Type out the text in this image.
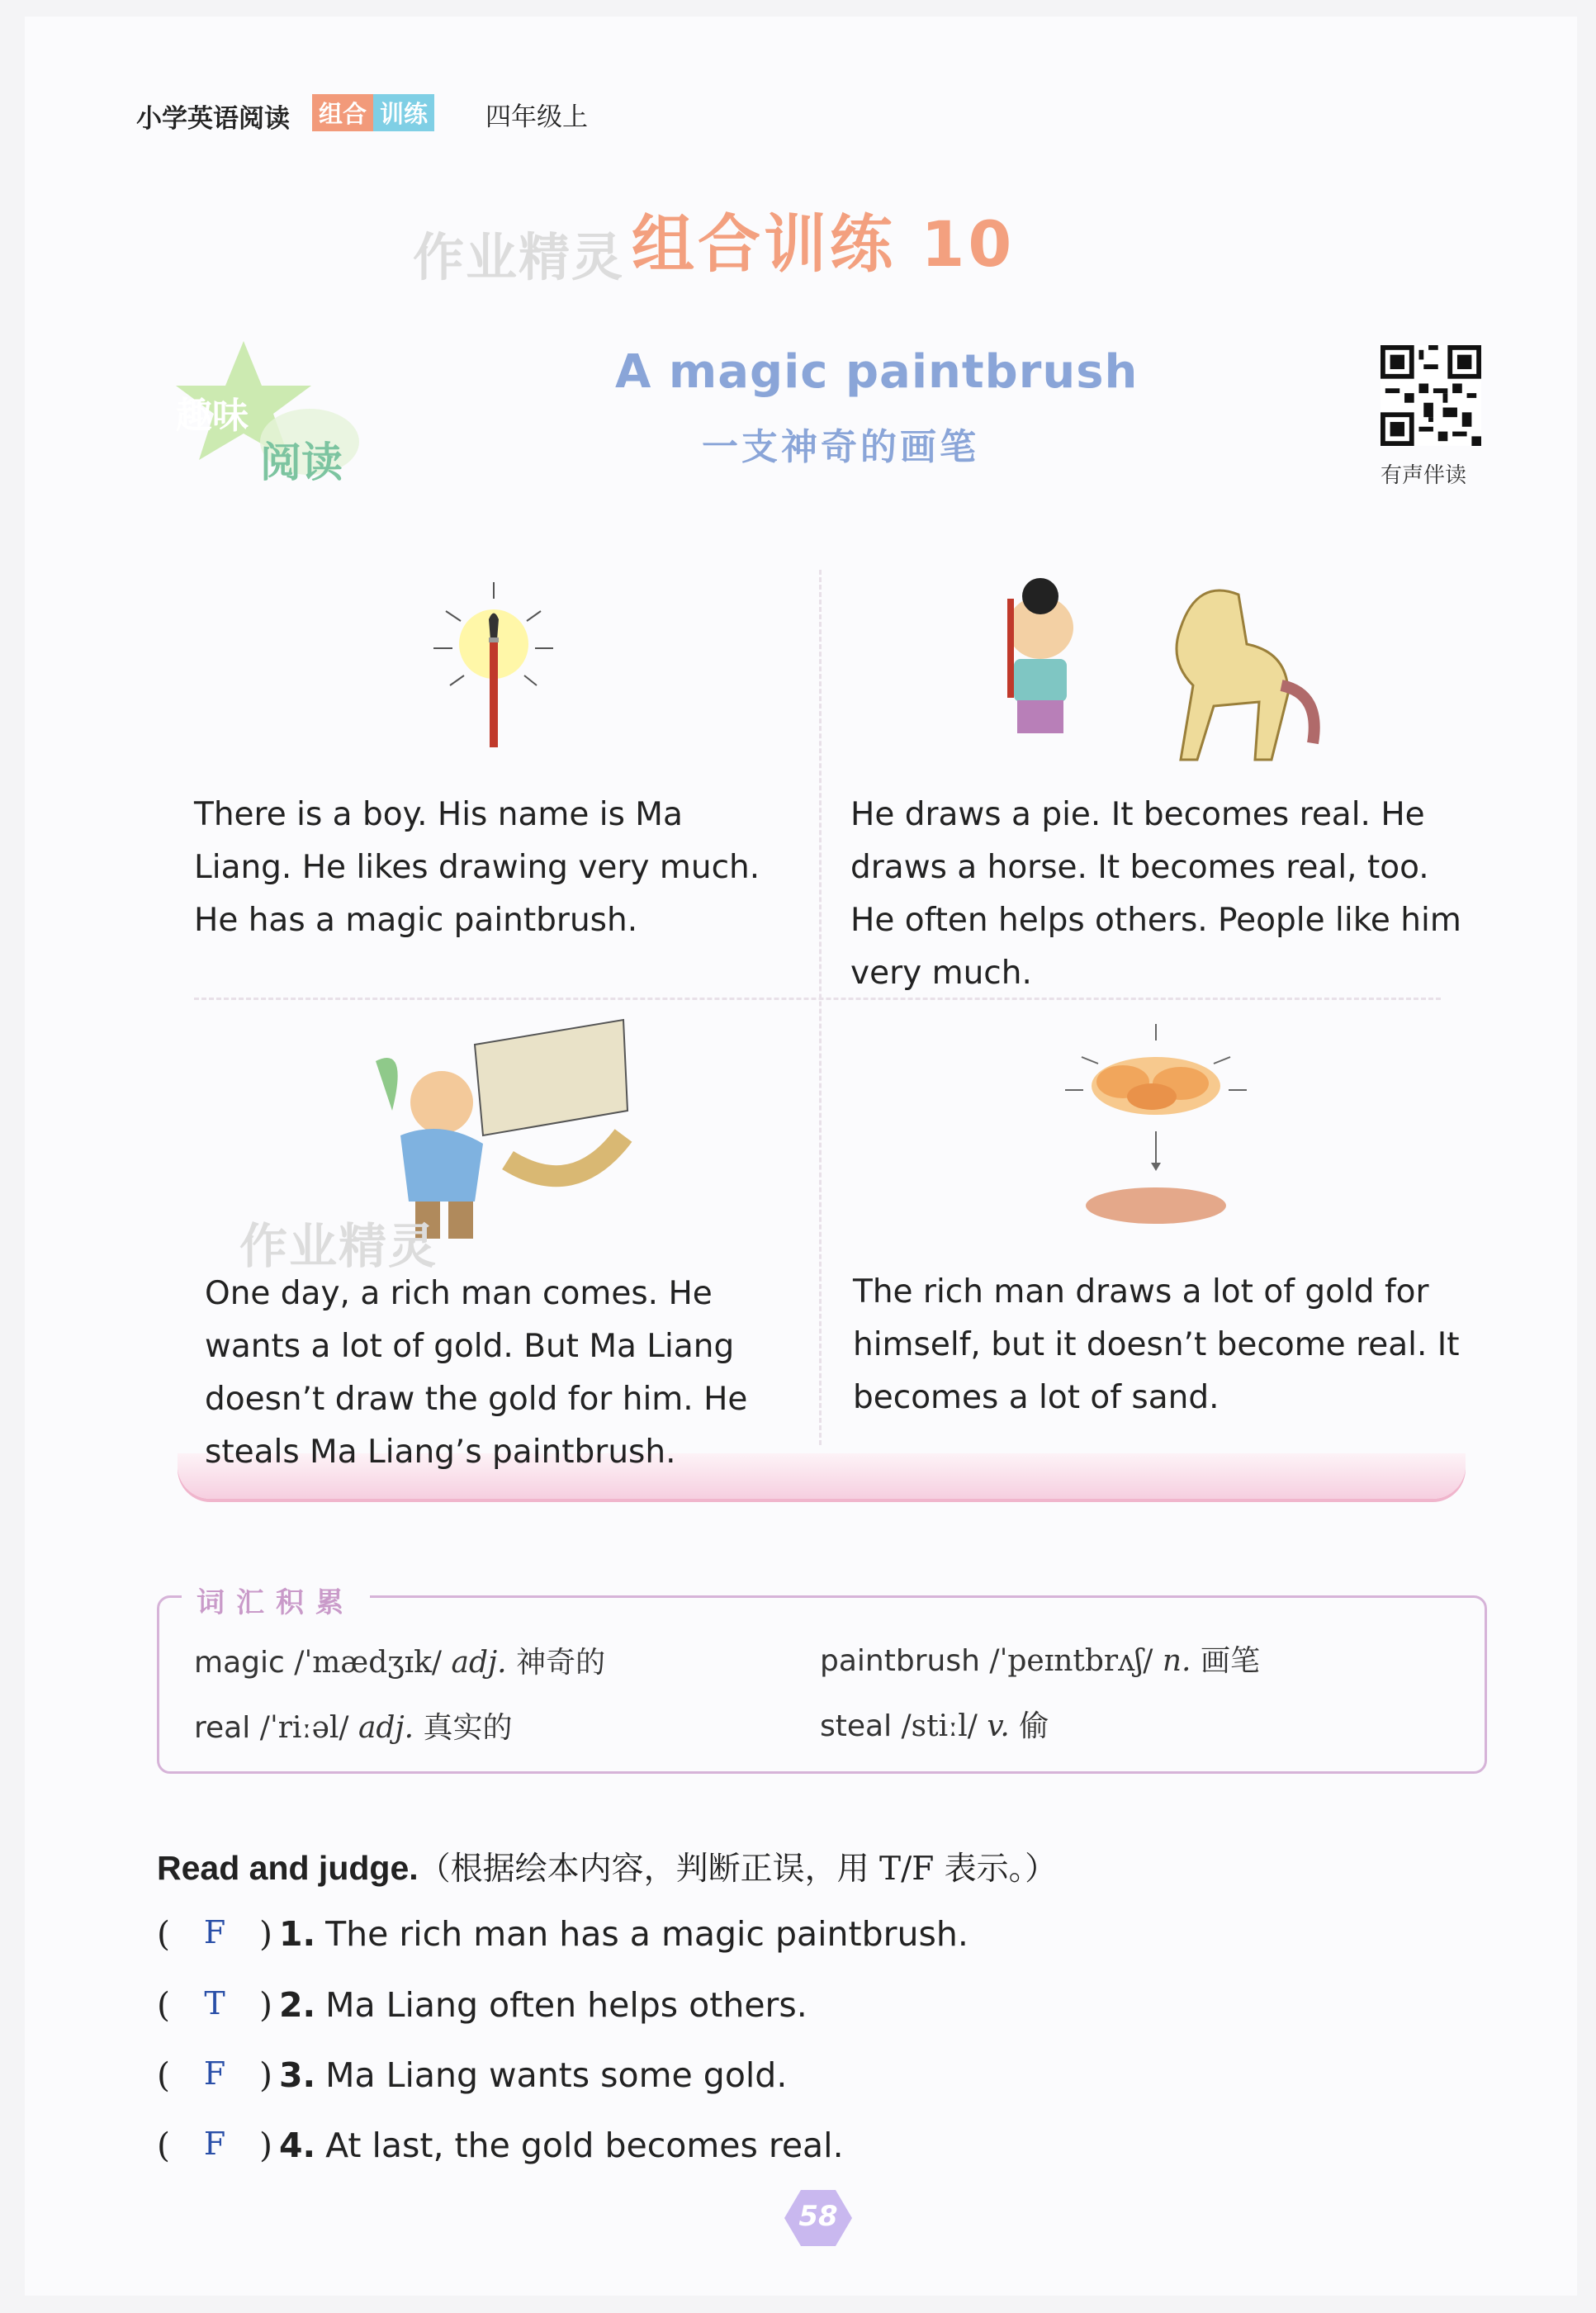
小学英语阅读 组合 训练 四年级上
作业精灵 组合训练 10
趣味
阅读
A magic paintbrush
一支神奇的画笔
有声伴读
作业精灵
There is a boy. His name is Ma Liang. He likes drawing very much. He has a magic paintbrush.
He draws a pie. It becomes real. He draws a horse. It becomes real, too. He often helps others. People like him very much.
One day, a rich man comes. He wants a lot of gold. But Ma Liang doesn’t draw the gold for him. He steals Ma Liang’s paintbrush.
The rich man draws a lot of gold for himself, but it doesn’t become real. It becomes a lot of sand.
词汇积累
magic /ˈmædʒɪk/ adj. 神奇的	paintbrush /ˈpeɪntbrʌʃ/ n. 画笔
real /ˈriːəl/ adj. 真实的	steal /stiːl/ v. 偷
Read and judge.（根据绘本内容，判断正误，用 T/F 表示。）
( F ) 1. The rich man has a magic paintbrush.
( T ) 2. Ma Liang often helps others.
( F ) 3. Ma Liang wants some gold.
( F ) 4. At last, the gold becomes real.
58
